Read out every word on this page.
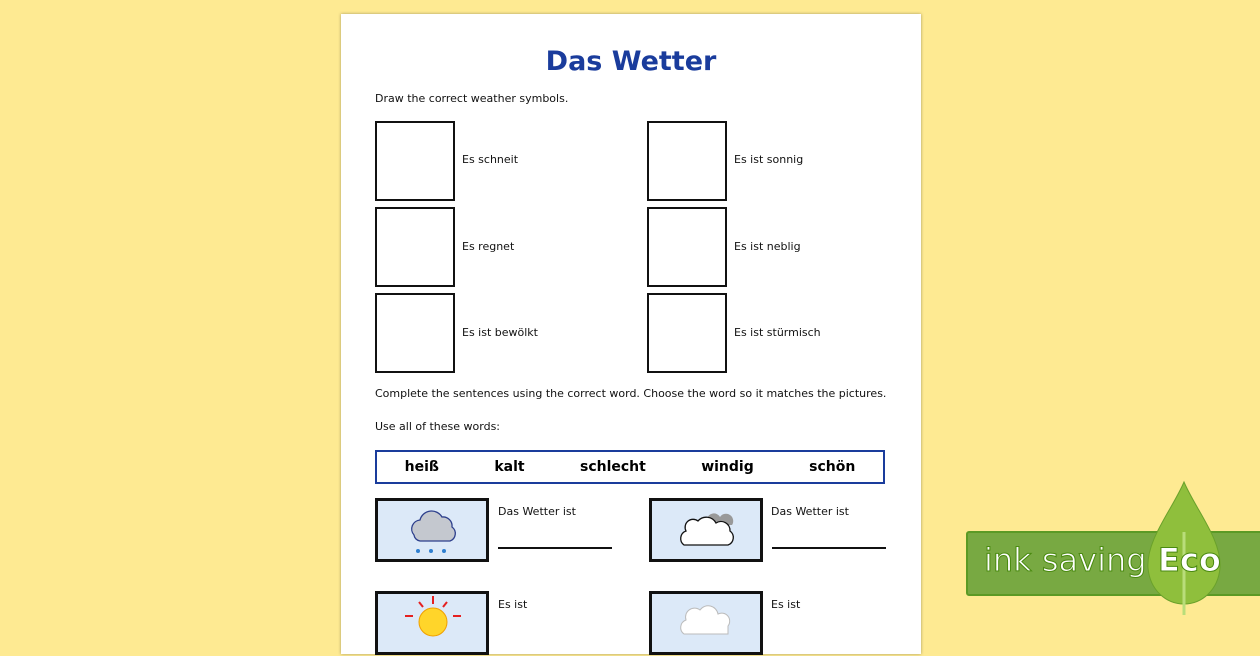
Das Wetter
Draw the correct weather symbols.
Es schneit	Es ist sonnig
Es regnet	Es ist neblig
Es ist bewölkt	Es ist stürmisch
Complete the sentences using the correct word. Choose the word so it matches the pictures.
Use all of these words:
heiß	kalt	schlecht	windig	schön
Das Wetter ist	Das Wetter ist
Es ist	Es ist
ink saving Eco
